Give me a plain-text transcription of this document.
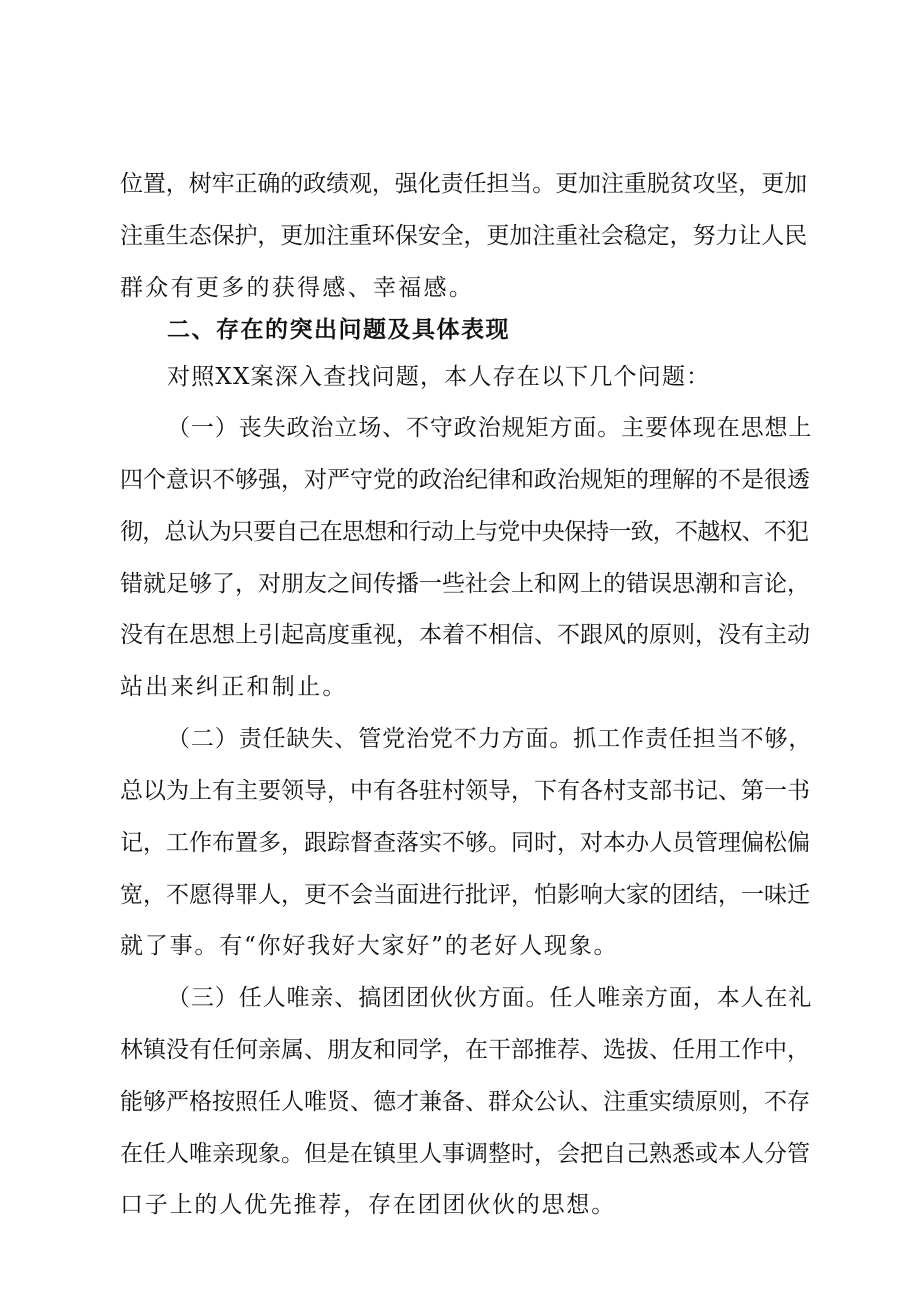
位置，树牢正确的政绩观，强化责任担当。更加注重脱贫攻坚，更加
注重生态保护，更加注重环保安全，更加注重社会稳定，努力让人民
群众有更多的获得感、幸福感。
二、存在的突出问题及具体表现
对照XX案深入查找问题，本人存在以下几个问题：
（一）丧失政治立场、不守政治规矩方面。主要体现在思想上
四个意识不够强，对严守党的政治纪律和政治规矩的理解的不是很透
彻，总认为只要自己在思想和行动上与党中央保持一致，不越权、不犯
错就足够了，对朋友之间传播一些社会上和网上的错误思潮和言论，
没有在思想上引起高度重视，本着不相信、不跟风的原则，没有主动
站出来纠正和制止。
（二）责任缺失、管党治党不力方面。抓工作责任担当不够，
总以为上有主要领导，中有各驻村领导，下有各村支部书记、第一书
记，工作布置多，跟踪督查落实不够。同时，对本办人员管理偏松偏
宽，不愿得罪人，更不会当面进行批评，怕影响大家的团结，一味迁
就了事。有“你好我好大家好”的老好人现象。
（三）任人唯亲、搞团团伙伙方面。任人唯亲方面，本人在礼
林镇没有任何亲属、朋友和同学，在干部推荐、选拔、任用工作中，
能够严格按照任人唯贤、德才兼备、群众公认、注重实绩原则，不存
在任人唯亲现象。但是在镇里人事调整时，会把自己熟悉或本人分管
口子上的人优先推荐，存在团团伙伙的思想。
